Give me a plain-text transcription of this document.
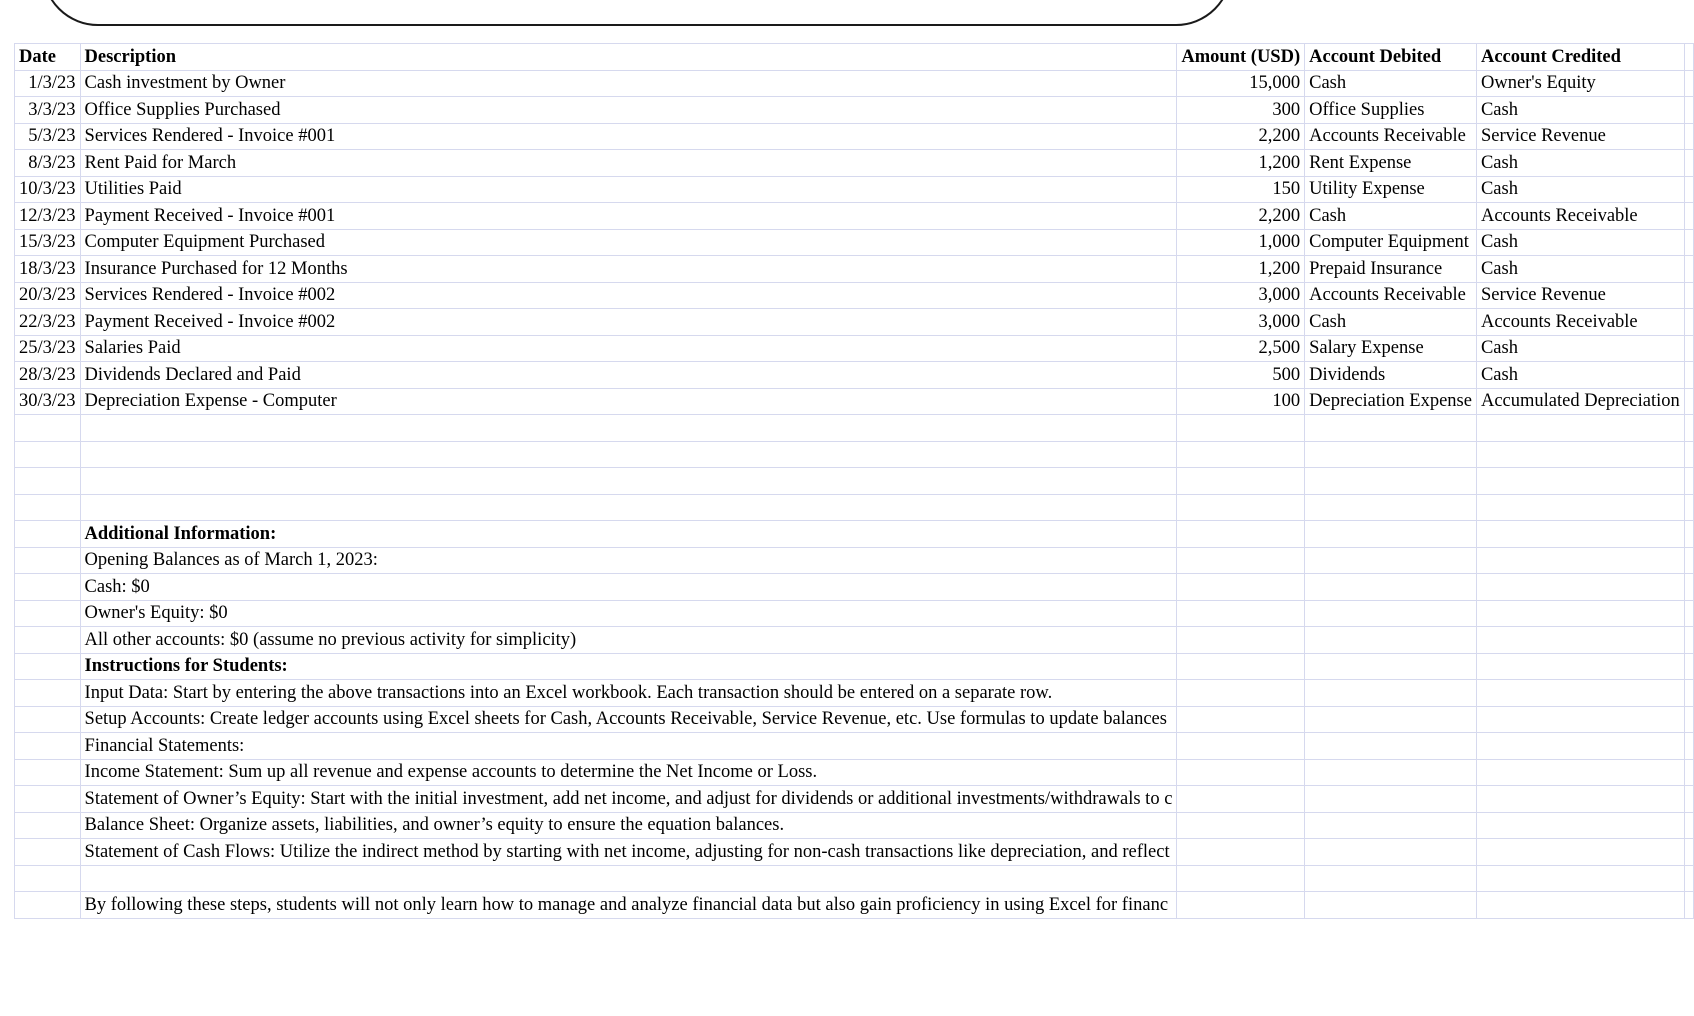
Date	Description	Amount (USD)	Account Debited	Account Credited	
1/3/23	Cash investment by Owner	15,000	Cash	Owner's Equity	
3/3/23	Office Supplies Purchased	300	Office Supplies	Cash	
5/3/23	Services Rendered - Invoice #001	2,200	Accounts Receivable	Service Revenue	
8/3/23	Rent Paid for March	1,200	Rent Expense	Cash	
10/3/23	Utilities Paid	150	Utility Expense	Cash	
12/3/23	Payment Received - Invoice #001	2,200	Cash	Accounts Receivable	
15/3/23	Computer Equipment Purchased	1,000	Computer Equipment	Cash	
18/3/23	Insurance Purchased for 12 Months	1,200	Prepaid Insurance	Cash	
20/3/23	Services Rendered - Invoice #002	3,000	Accounts Receivable	Service Revenue	
22/3/23	Payment Received - Invoice #002	3,000	Cash	Accounts Receivable	
25/3/23	Salaries Paid	2,500	Salary Expense	Cash	
28/3/23	Dividends Declared and Paid	500	Dividends	Cash	
30/3/23	Depreciation Expense - Computer	100	Depreciation Expense	Accumulated Depreciation	

	Additional Information:				
	Opening Balances as of March 1, 2023:				
	Cash: $0				
	Owner's Equity: $0				
	All other accounts: $0 (assume no previous activity for simplicity)				
	Instructions for Students:				
	Input Data: Start by entering the above transactions into an Excel workbook. Each transaction should be entered on a separate row.				
	Setup Accounts: Create ledger accounts using Excel sheets for Cash, Accounts Receivable, Service Revenue, etc. Use formulas to update balances				
	Financial Statements:				
	Income Statement: Sum up all revenue and expense accounts to determine the Net Income or Loss.				
	Statement of Owner’s Equity: Start with the initial investment, add net income, and adjust for dividends or additional investments/withdrawals to c				
	Balance Sheet: Organize assets, liabilities, and owner’s equity to ensure the equation balances.				
	Statement of Cash Flows: Utilize the indirect method by starting with net income, adjusting for non-cash transactions like depreciation, and reflect				

	By following these steps, students will not only learn how to manage and analyze financial data but also gain proficiency in using Excel for financ				
